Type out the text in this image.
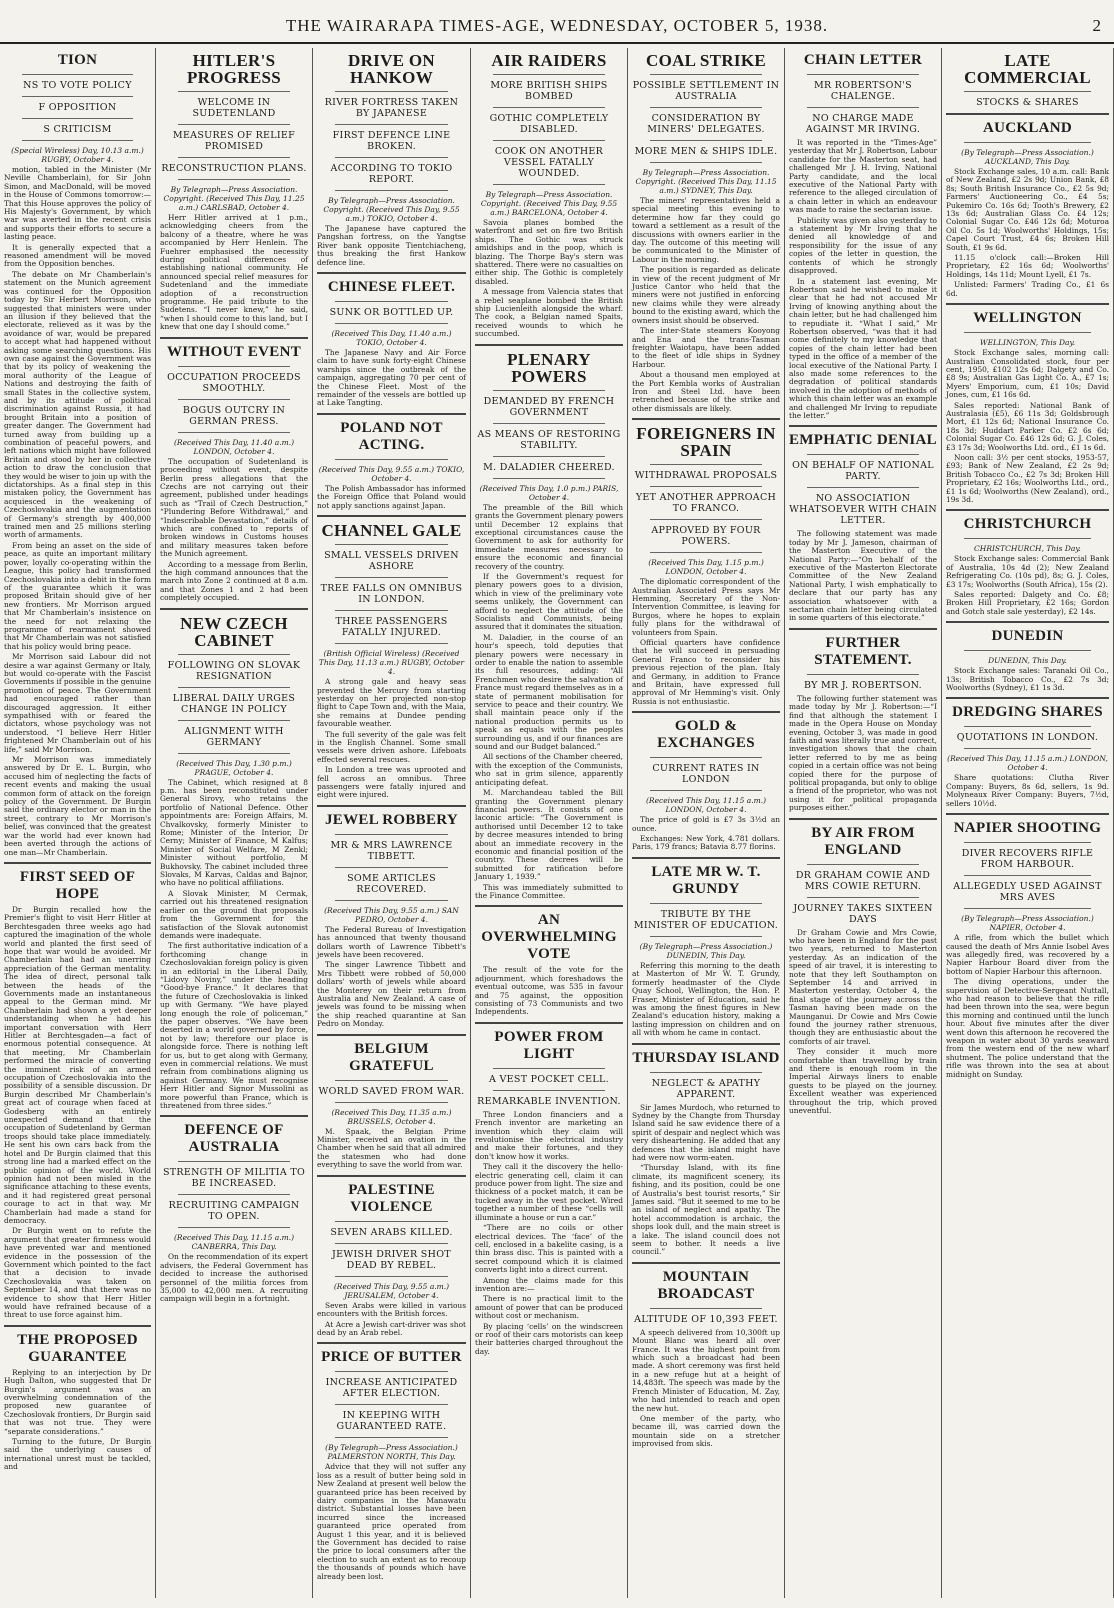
THE WAIRARAPA TIMES-AGE, WEDNESDAY, OCTOBER 5, 1938.	2
TION
NS TO VOTE POLICY
F OPPOSITION
S CRITICISM
(Special Wireless) Day, 10.13 a.m.) RUGBY, October 4.

motion, tabled in the Minister (Mr Neville Chamberlain), for Sir John Simon, and MacDonald, will be moved in the House of Commons tomorrow:—That this House approves the policy of His Majesty's Government, by which war was averted in the recent crisis and supports their efforts to secure a lasting peace.

It is generally expected that a reasoned amendment will be moved from the Opposition benches.

The debate on Mr Chamberlain's statement on the Munich agreement was continued for the Opposition today by Sir Herbert Morrison, who suggested that ministers were under an illusion if they believed that the electorate, relieved as it was by the avoidance of war, would be prepared to accept what had happened without asking some searching questions. His own case against the Government was that by its policy of weakening the moral authority of the League of Nations and destroying the faith of small States in the collective system, and by its attitude of political discrimination against Russia, it had brought Britain into a position of greater danger. The Government had turned away from building up a combination of peaceful powers, and left nations which might have followed Britain and stood by her in collective action to draw the conclusion that they would be wiser to join up with the dictatorships. As a final step in this mistaken policy, the Government has acquiesced in the weakening of Czechoslovakia and the augmentation of Germany's strength by 400,000 trained men and 25 millions sterling worth of armaments.

From being an asset on the side of peace, as quite an important military power, loyally co-operating within the League, this policy had transformed Czechoslovakia into a debit in the form of the guarantee which it was proposed Britain should give of her new frontiers. Mr Morrison argued that Mr Chamberlain's insistence on the need for not relaxing the programme of rearmament showed that Mr Chamberlain was not satisfied that his policy would bring peace.

Mr Morrison said Labour did not desire a war against Germany or Italy, but would co-operate with the Fascist Governments if possible in the genuine promotion of peace. The Government had encouraged rather than discouraged aggression. It either sympathised with or feared the dictators, whose psychology was not understood. “I believe Herr Hitler frightened Mr Chamberlain out of his life,” said Mr Morrison.

Mr Morrison was immediately answered by Dr E. L. Burgin, who accused him of neglecting the facts of recent events and making the usual common form of attack on the foreign policy of the Government. Dr Burgin said the ordinary elector or man in the street, contrary to Mr Morrison's belief, was convinced that the greatest war the world had ever known had been averted through the actions of one man—Mr Chamberlain.

FIRST SEED OF HOPE

Dr Burgin recalled how the Premier's flight to visit Herr Hitler at Berchtesgaden three weeks ago had captured the imagination of the whole world and planted the first seed of hope that war would be avoided. Mr Chamberlain had had an unerring appreciation of the German mentality. The idea of direct, personal talk between the heads of the Governments made an instantaneous appeal to the German mind. Mr Chamberlain had shown a yet deeper understanding when he had his important conversation with Herr Hitler at Berchtesgaden—a fact of enormous potential consequence. At that meeting, Mr Chamberlain performed the miracle of converting the imminent risk of an armed occupation of Czechoslovakia into the possibility of a sensible discussion. Dr Burgin described Mr Chamberlain's great act of courage when faced at Godesberg with an entirely unexpected demand that the occupation of Sudetenland by German troops should take place immediately. He sent his own cars back from the hotel and Dr Burgin claimed that this strong line had a marked effect on the public opinion of the world. World opinion had not been misled in the significance attaching to these events, and it had registered great personal courage to act in that way. Mr Chamberlain had made a stand for democracy.

Dr Burgin went on to refute the argument that greater firmness would have prevented war and mentioned evidence in the possession of the Government which pointed to the fact that a decision to invade Czechoslovakia was taken on September 14, and that there was no evidence to show that Herr Hitler would have refrained because of a threat to use force against him.

THE PROPOSED GUARANTEE

Replying to an interjection by Dr Hugh Dalton, who suggested that Dr Burgin's argument was an overwhelming condemnation of the proposed new guarantee of Czechoslovak frontiers, Dr Burgin said that was not true. They were “separate considerations.”

Turning to the future, Dr Burgin said the underlying causes of international unrest must be tackled, and

HITLER'S PROGRESS
WELCOME IN SUDETENLAND
MEASURES OF RELIEF PROMISED
RECONSTRUCTION PLANS.
By Telegraph—Press Association. Copyright. (Received This Day, 11.25 a.m.) CARLSBAD, October 4.

Herr Hitler arrived at 1 p.m., acknowledging cheers from the balcony of a theatre, where he was accompanied by Herr Henlein. The Fuehrer emphasised the necessity during political differences of establishing national community. He announced special relief measures for Sudetenland and the immediate adoption of a reconstruction programme. He paid tribute to the Sudetens. “I never knew,” he said, “when I should come to this land, but I knew that one day I should come.”

WITHOUT EVENT
OCCUPATION PROCEEDS SMOOTHLY.
BOGUS OUTCRY IN GERMAN PRESS.
(Received This Day, 11.40 a.m.) LONDON, October 4.

The occupation of Sudetenland is proceeding without event, despite Berlin press allegations that the Czechs are not carrying out their agreement, published under headings such as “Trail of Czech Destruction,” “Plundering Before Withdrawal,” and “Indescribable Devastation,” details of which are confined to reports of broken windows in Customs houses and military measures taken before the Munich agreement.

According to a message from Berlin, the high command announces that the march into Zone 2 continued at 8 a.m. and that Zones 1 and 2 had been completely occupied.

NEW CZECH CABINET
FOLLOWING ON SLOVAK RESIGNATION
LIBERAL DAILY URGES CHANGE IN POLICY
ALIGNMENT WITH GERMANY
(Received This Day, 1.30 p.m.) PRAGUE, October 4.

The Cabinet, which resigned at 8 p.m. has been reconstituted under General Sirovy, who retains the portfolio of National Defence. Other appointments are: Foreign Affairs, M. Chvalkovsky, formerly Minister to Rome; Minister of the Interior, Dr Cerny; Minister of Finance, M Kalfus; Minister of Social Welfare, M Zenkl; Minister without portfolio, M Bukhovsky. The cabinet included three Slovaks, M Karvas, Caldas and Bajnor, who have no political affiliations.

A Slovak Minister, M Cermak, carried out his threatened resignation earlier on the ground that proposals from the Government for the satisfaction of the Slovak autonomist demands were inadequate.

The first authoritative indication of a forthcoming change in Czechoslovakian foreign policy is given in an editorial in the Liberal Daily, “Lidovy Noviny,” under the heading “Good-bye France.” It declares that the future of Czechoslovakia is linked up with Germany. “We have played long enough the role of policeman,” the paper observes. “We have been deserted in a world governed by force, not by law; therefore our place is alongside force. There is nothing left for us, but to get along with Germany, even in commercial relations. We must refrain from combinations aligning us against Germany. We must recognise Herr Hitler and Signor Mussolini as more powerful than France, which is threatened from three sides.”

DEFENCE OF AUSTRALIA
STRENGTH OF MILITIA TO BE INCREASED.
RECRUITING CAMPAIGN TO OPEN.
(Received This Day, 11.15 a.m.) CANBERRA, This Day.

On the recommendation of its expert advisers, the Federal Government has decided to increase the authorised personnel of the militia forces from 35,000 to 42,000 men. A recruiting campaign will begin in a fortnight.

DRIVE ON HANKOW
RIVER FORTRESS TAKEN BY JAPANESE
FIRST DEFENCE LINE BROKEN.
ACCORDING TO TOKIO REPORT.
By Telegraph—Press Association. Copyright. (Received This Day, 9.55 a.m.) TOKIO, October 4.

The Japanese have captured the Pangshan fortress, on the Yangtse River bank opposite Tientchiacheng, thus breaking the first Hankow defence line.

CHINESE FLEET.
SUNK OR BOTTLED UP.
(Received This Day, 11.40 a.m.) TOKIO, October 4.

The Japanese Navy and Air Force claim to have sunk forty-eight Chinese warships since the outbreak of the campaign, aggregating 70 per cent of the Chinese Fleet. Most of the remainder of the vessels are bottled up at Lake Tangting.

POLAND NOT ACTING.
(Received This Day, 9.55 a.m.) TOKIO, October 4.

The Polish Ambassador has informed the Foreign Office that Poland would not apply sanctions against Japan.

CHANNEL GALE
SMALL VESSELS DRIVEN ASHORE
TREE FALLS ON OMNIBUS IN LONDON.
THREE PASSENGERS FATALLY INJURED.
(British Official Wireless) (Received This Day, 11.13 a.m.) RUGBY, October 4.

A strong gale and heavy seas prevented the Mercury from starting yesterday on her projected non-stop flight to Cape Town and, with the Maia, she remains at Dundee pending favourable weather.

The full severity of the gale was felt in the English Channel. Some small vessels were driven ashore. Lifeboats effected several rescues.

In London a tree was uprooted and fell across an omnibus. Three passengers were fatally injured and eight were injured.

JEWEL ROBBERY
MR & MRS LAWRENCE TIBBETT.
SOME ARTICLES RECOVERED.
(Received This Day, 9.55 a.m.) SAN PEDRO, October 4.

The Federal Bureau of Investigation has announced that twenty thousand dollars worth of Lawrence Tibbett's jewels have been recovered.

The singer Lawrence Tibbett and Mrs Tibbett were robbed of 50,000 dollars' worth of jewels while aboard the Monterey on their return from Australia and New Zealand. A case of jewels was found to be missing when the ship reached quarantine at San Pedro on Monday.

BELGIUM GRATEFUL
WORLD SAVED FROM WAR.
(Received This Day, 11.35 a.m.) BRUSSELS, October 4.

M. Spaak, the Belgian Prime Minister, received an ovation in the Chamber when he said that all admired the statesmen who had done everything to save the world from war.

PALESTINE VIOLENCE
SEVEN ARABS KILLED.
JEWISH DRIVER SHOT DEAD BY REBEL.
(Received This Day, 9.55 a.m.) JERUSALEM, October 4.

Seven Arabs were killed in various encounters with the British forces.

At Acre a Jewish cart-driver was shot dead by an Arab rebel.

PRICE OF BUTTER
INCREASE ANTICIPATED AFTER ELECTION.
IN KEEPING WITH GUARANTEED RATE.
(By Telegraph—Press Association.) PALMERSTON NORTH, This Day.

Advice that they will not suffer any loss as a result of butter being sold in New Zealand at present well below the guaranteed price has been received by dairy companies in the Manawatu district. Substantial losses have been incurred since the increased guaranteed price operated from August 1 this year, and it is believed the Government has decided to raise the price to local consumers after the election to such an extent as to recoup the thousands of pounds which have already been lost.

AIR RAIDERS
MORE BRITISH SHIPS BOMBED
GOTHIC COMPLETELY DISABLED.
COOK ON ANOTHER VESSEL FATALLY WOUNDED.
By Telegraph—Press Association. Copyright. (Received This Day, 9.55 a.m.) BARCELONA, October 4.

Savoia planes bombed the waterfront and set on fire two British ships. The Gothic was struck amidships and in the poop, which is blazing. The Thorpe Bay's stern was shattered. There were no casualties on either ship. The Gothic is completely disabled.

A message from Valencia states that a rebel seaplane bombed the British ship Lucienleith alongside the wharf. The cook, a Belgian named Spaits, received wounds to which he succumbed.

PLENARY POWERS
DEMANDED BY FRENCH GOVERNMENT
AS MEANS OF RESTORING STABILITY.
M. DALADIER CHEERED.
(Received This Day, 1.0 p.m.) PARIS, October 4.

The preamble of the Bill which grants the Government plenary powers until December 12 explains that exceptional circumstances cause the Government to ask for authority for immediate measures necessary to ensure the economic and financial recovery of the country.

If the Government's request for plenary powers goes to a division, which in view of the preliminary vote seems unlikely, the Government can afford to neglect the attitude of the Socialists and Communists, being assured that it dominates the situation.

M. Daladier, in the course of an hour's speech, told deputies that plenary powers were necessary in order to enable the nation to assemble its full resources, adding: “All Frenchmen who desire the salvation of France must regard themselves as in a state of permanent mobilisation for service to peace and their country. We shall maintain peace only if the national production permits us to speak as equals with the peoples surrounding us, and if our finances are sound and our Budget balanced.”

All sections of the Chamber cheered, with the exception of the Communists, who sat in grim silence, apparently anticipating defeat.

M. Marchandeau tabled the Bill granting the Government plenary financial powers. It consists of one laconic article: “The Government is authorised until December 12 to take by decree measures intended to bring about an immediate recovery in the economic and financial position of the country. These decrees will be submitted for ratification before January 1, 1939.”

This was immediately submitted to the Finance Committee.

AN OVERWHELMING VOTE

The result of the vote for the adjournment, which foreshadows the eventual outcome, was 535 in favour and 75 against, the opposition consisting of 73 Communists and two Independents.

POWER FROM LIGHT
A VEST POCKET CELL.
REMARKABLE INVENTION.

Three London financiers and a French inventor are marketing an invention which they claim will revolutionise the electrical industry and make their fortunes, and they don't know how it works.

They call it the discovery the hello-electric generating cell, claim it can produce power from light. The size and thickness of a pocket match, it can be tucked away in the vest pocket. Wired together a number of these “cells will illuminate a house or run a car.”

“There are no coils or other electrical devices. The ‘face’ of the cell, enclosed in a bakelite casing, is a thin brass disc. This is painted with a secret compound which it is claimed converts light into a direct current.

Among the claims made for this invention are:—

There is no practical limit to the amount of power that can be produced without cost or mechanism.

By placing ‘cells’ on the windscreen or roof of their cars motorists can keep their batteries charged throughout the day.

COAL STRIKE
POSSIBLE SETTLEMENT IN AUSTRALIA
CONSIDERATION BY MINERS' DELEGATES.
MORE MEN & SHIPS IDLE.
By Telegraph—Press Association. Copyright. (Received This Day, 11.15 a.m.) SYDNEY, This Day.

The miners' representatives held a special meeting this evening to determine how far they could go toward a settlement as a result of the discussions with owners earlier in the day. The outcome of this meeting will be communicated to the Minister of Labour in the morning.

The position is regarded as delicate in view of the recent judgment of Mr Justice Cantor who held that the miners were not justified in enforcing new claims while they were already bound to the existing award, which the owners insist should be observed.

The inter-State steamers Kooyong and Ena and the trans-Tasman freighter Waiotapu, have been added to the fleet of idle ships in Sydney Harbour.

About a thousand men employed at the Port Kembla works of Australian Iron and Steel Ltd. have been retrenched because of the strike and other dismissals are likely.

FOREIGNERS IN SPAIN
WITHDRAWAL PROPOSALS
YET ANOTHER APPROACH TO FRANCO.
APPROVED BY FOUR POWERS.
(Received This Day, 1.15 p.m.) LONDON, October 4.

The diplomatic correspondent of the Australian Associated Press says Mr Hemming, Secretary of the Non-Intervention Committee, is leaving for Burgos, where he hopes to explain fully plans for the withdrawal of volunteers from Spain.

Official quarters have confidence that he will succeed in persuading General Franco to reconsider his previous rejection of the plan. Italy and Germany, in addition to France and Britain, have expressed full approval of Mr Hemming's visit. Only Russia is not enthusiastic.

GOLD & EXCHANGES
CURRENT RATES IN LONDON
(Received This Day, 11.15 a.m.) LONDON, October 4.

The price of gold is £7 3s 3½d an ounce.

Exchanges: New York, 4.781 dollars. Paris, 179 francs; Batavia 8.77 florins.

LATE MR W. T. GRUNDY
TRIBUTE BY THE MINISTER OF EDUCATION.
(By Telegraph—Press Association.) DUNEDIN, This Day.

Referring this morning to the death at Masterton of Mr W. T. Grundy, formerly headmaster of the Clyde Quay School, Wellington, the Hon. P. Fraser, Minister of Education, said he was among the finest figures in New Zealand's education history, making a lasting impression on children and on all with whom he came in contact.

THURSDAY ISLAND
NEGLECT & APATHY APPARENT.

Sir James Murdoch, who returned to Sydney by the Changte from Thursday Island said he saw evidence there of a spirit of despair and neglect which was very disheartening. He added that any defences that the island might have had were now worm-eaten.

“Thursday Island, with its fine climate, its magnificent scenery, its fishing, and its position, could be one of Australia's best tourist resorts,” Sir James said. “But it seemed to me to be an island of neglect and apathy. The hotel accommodation is archaic, the shops look dull, and the main street is a lake. The island council does not seem to bother. It needs a live council.”

MOUNTAIN BROADCAST
ALTITUDE OF 10,393 FEET.

A speech delivered from 10,300ft up Mount Blanc was heard all over France. It was the highest point from which such a broadcast had been made. A short ceremony was first held in a new refuge hut at a height of 14,483ft. The speech was made by the French Minister of Education, M. Zay, who had intended to reach and open the new hut.

One member of the party, who became ill, was carried down the mountain side on a stretcher improvised from skis.

CHAIN LETTER
MR ROBERTSON'S CHALENGE.
NO CHARGE MADE AGAINST MR IRVING.

It was reported in the “Times-Age” yesterday that Mr J. Robertson, Labour candidate for the Masterton seat, had challenged Mr J. H. Irving, National Party candidate, and the local executive of the National Party with reference to the alleged circulation of a chain letter in which an endeavour was made to raise the sectarian issue.

Publicity was given also yesterday to a statement by Mr Irving that he denied all knowledge of and responsibility for the issue of any copies of the letter in question, the contents of which he strongly disapproved.

In a statement last evening, Mr Robertson said he wished to make it clear that he had not accused Mr Irving of knowing anything about the chain letter, but he had challenged him to repudiate it. “What I said,” Mr Robertson observed, “was that it had come definitely to my knowledge that copies of the chain letter had been typed in the office of a member of the local executive of the National Party. I also made some references to the degradation of political standards involved in the adoption of methods of which this chain letter was an example and challenged Mr Irving to repudiate the letter.”

EMPHATIC DENIAL
ON BEHALF OF NATIONAL PARTY.
NO ASSOCIATION WHATSOEVER WITH CHAIN LETTER.

The following statement was made today by Mr J. Jameson, chairman of the Masterton Executive of the National Party:—“On behalf of the executive of the Masterton Electorate Committee of the New Zealand National Party, I wish emphatically to declare that our party has any association whatsoever with a sectarian chain letter being circulated in some quarters of this electorate.”

FURTHER STATEMENT.
BY MR J. ROBERTSON.

The following further statement was made today by Mr J. Robertson:—“I find that although the statement I made in the Opera House on Monday evening, October 3, was made in good faith and was literally true and correct, investigation shows that the chain letter referred to by me as being copied in a certain office was not being copied there for the purpose of political propaganda, but only to oblige a friend of the proprietor, who was not using it for political propaganda purposes either.”

BY AIR FROM ENGLAND
DR GRAHAM COWIE AND MRS COWIE RETURN.
JOURNEY TAKES SIXTEEN DAYS

Dr Graham Cowie and Mrs Cowie, who have been in England for the past two years, returned to Masterton yesterday. As an indication of the speed of air travel, it is interesting to note that they left Southampton on September 14 and arrived in Masterton yesterday, October 4, the final stage of the journey across the Tasman having been made on the Maunganui. Dr Cowie and Mrs Cowie found the journey rather strenuous, though they are enthusiastic about the comforts of air travel.

They consider it much more comfortable than travelling by train and there is enough room in the Imperial Airways liners to enable guests to be played on the journey. Excellent weather was experienced throughout the trip, which proved uneventful.

LATE COMMERCIAL
STOCKS & SHARES
AUCKLAND
(By Telegraph—Press Association.) AUCKLAND, This Day.

Stock Exchange sales, 10 a.m. call: Bank of New Zealand, £2 2s 9d; Union Bank, £8 8s; South British Insurance Co., £2 5s 9d; Farmers' Auctioneering Co., £4 5s; Pukemiro Co. 16s 6d; Tooth's Brewery, £2 13s 6d; Australian Glass Co. £4 12s; Colonial Sugar Co. £46 12s 6d; Moturoa Oil Co. 5s 1d; Woolworths' Holdings, 15s; Capel Court Trust, £4 6s; Broken Hill South, £1 9s 6d.

11.15 o'clock call:—Broken Hill Proprietary, £2 16s 6d; Woolworths' Holdings, 14s 11d; Mount Lyell, £1 7s.

Unlisted: Farmers' Trading Co., £1 6s 6d.

WELLINGTON
WELLINGTON, This Day.

Stock Exchange sales, morning call: Australian Consolidated stock, four per cent, 1950, £102 12s 6d; Dalgety and Co. £8 9s; Australian Gas Light Co. A., £7 1s; Myers' Emporium, cum, £1 10s; David Jones, cum, £1 16s 6d.

Sales reported: National Bank of Australasia (£5), £6 11s 3d; Goldsbrough Mort, £1 12s 6d; National Insurance Co. 18s 3d; Huddart Parker Co. £2 6s 6d; Colonial Sugar Co. £46 12s 6d; G. J. Coles, £3 17s 3d; Woolworths Ltd. ord., £1 1s 6d.

Noon call: 3½ per cent stocks, 1953-57, £93; Bank of New Zealand, £2 2s 9d; British Tobacco Co., £2 7s 3d; Broken Hill Proprietary, £2 16s; Woolworths Ltd., ord., £1 1s 6d; Woolworths (New Zealand), ord., 19s 3d.

CHRISTCHURCH
CHRISTCHURCH, This Day.

Stock Exchange sales: Commercial Bank of Australia, 10s 4d (2); New Zealand Refrigerating Co. (10s pd), 8s; G. J. Coles, £3 17s; Woolworths (South Africa), 15s (2).

Sales reported: Dalgety and Co. £8; Broken Hill Proprietary, £2 16s; Gordon and Gotch stale sale yesterday), £2 14s.

DUNEDIN
DUNEDIN, This Day.

Stock Exchange sales: Taranaki Oil Co., 13s; British Tobacco Co., £2 7s 3d; Woolworths (Sydney), £1 1s 3d.

DREDGING SHARES
QUOTATIONS IN LONDON.
(Received This Day, 11.15 a.m.) LONDON, October 4.

Share quotations: Clutha River Company: Buyers, 8s 6d, sellers, 1s 9d. Molyneaux River Company: Buyers, 7½d, sellers 10½d.

NAPIER SHOOTING
DIVER RECOVERS RIFLE FROM HARBOUR.
ALLEGEDLY USED AGAINST MRS AVES
(By Telegraph—Press Association.) NAPIER, October 4.

A rifle, from which the bullet which caused the death of Mrs Annie Isobel Aves was allegedly fired, was recovered by a Napier Harbour Board diver from the bottom of Napier Harbour this afternoon.

The diving operations, under the supervision of Detective-Sergeant Nuttall, who had reason to believe that the rifle had been thrown into the sea, were begun this morning and continued until the lunch hour. About five minutes after the diver went down this afternoon he recovered the weapon in water about 30 yards seaward from the western end of the new wharf shutment. The police understand that the rifle was thrown into the sea at about midnight on Sunday.
